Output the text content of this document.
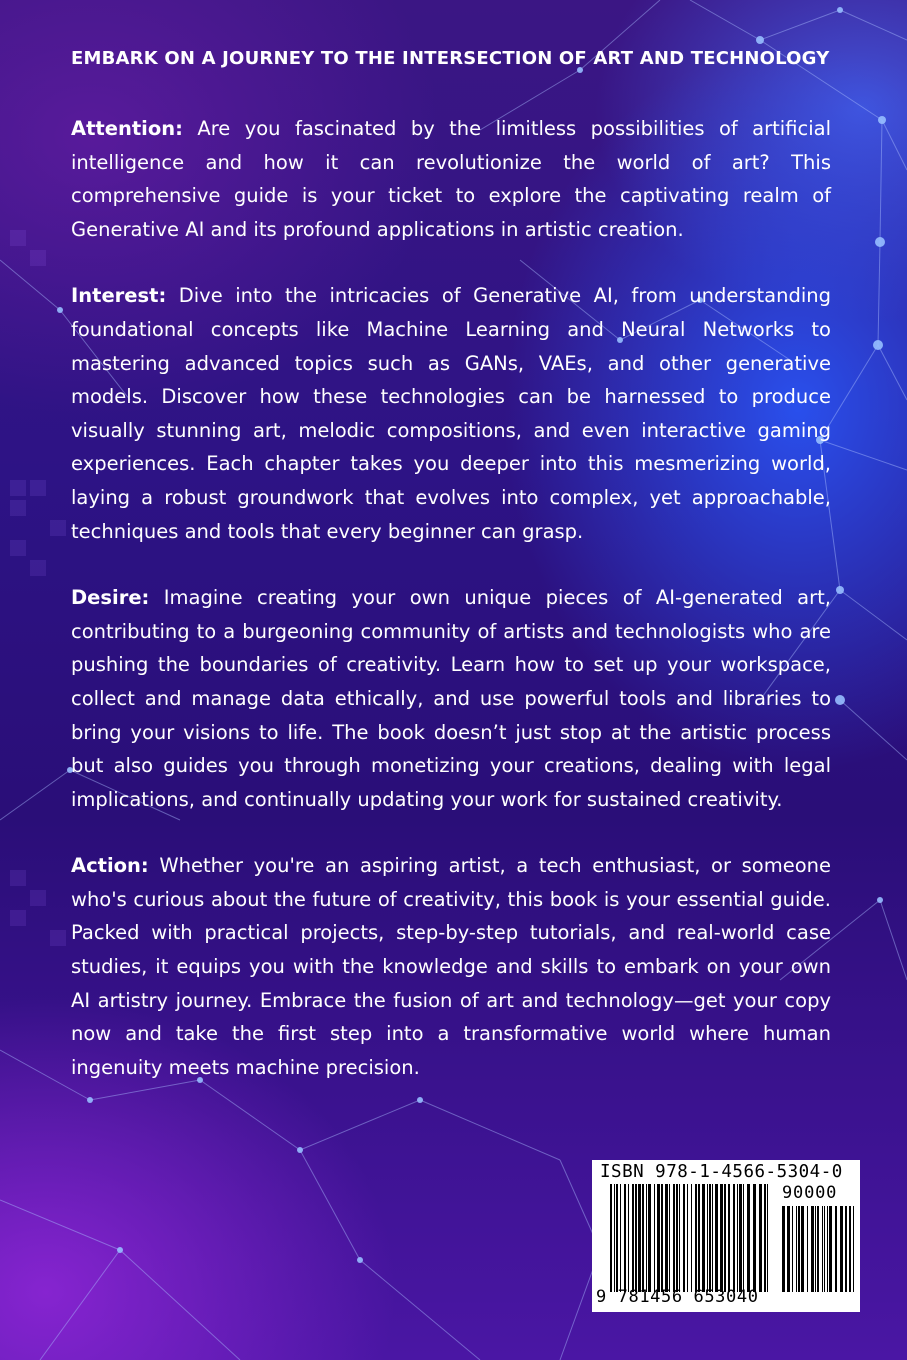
EMBARK ON A JOURNEY TO THE INTERSECTION OF ART AND TECHNOLOGY

Attention: Are you fascinated by the limitless possibilities of artificial intelligence and how it can revolutionize the world of art? This comprehensive guide is your ticket to explore the captivating realm of Generative AI and its profound applications in artistic creation.

Interest: Dive into the intricacies of Generative AI, from understanding foundational concepts like Machine Learning and Neural Networks to mastering advanced topics such as GANs, VAEs, and other generative models. Discover how these technologies can be harnessed to produce visually stunning art, melodic compositions, and even interactive gaming experiences. Each chapter takes you deeper into this mesmerizing world, laying a robust groundwork that evolves into complex, yet approachable, techniques and tools that every beginner can grasp.

Desire: Imagine creating your own unique pieces of AI-generated art, contributing to a burgeoning community of artists and technologists who are pushing the boundaries of creativity. Learn how to set up your workspace, collect and manage data ethically, and use powerful tools and libraries to bring your visions to life. The book doesn’t just stop at the artistic process but also guides you through monetizing your creations, dealing with legal implications, and continually updating your work for sustained creativity.

Action: Whether you're an aspiring artist, a tech enthusiast, or someone who's curious about the future of creativity, this book is your essential guide. Packed with practical projects, step-by-step tutorials, and real-world case studies, it equips you with the knowledge and skills to embark on your own AI artistry journey. Embrace the fusion of art and technology—get your copy now and take the first step into a transformative world where human ingenuity meets machine precision.

ISBN 978-1-4566-5304-0
90000
9 781456 653040
